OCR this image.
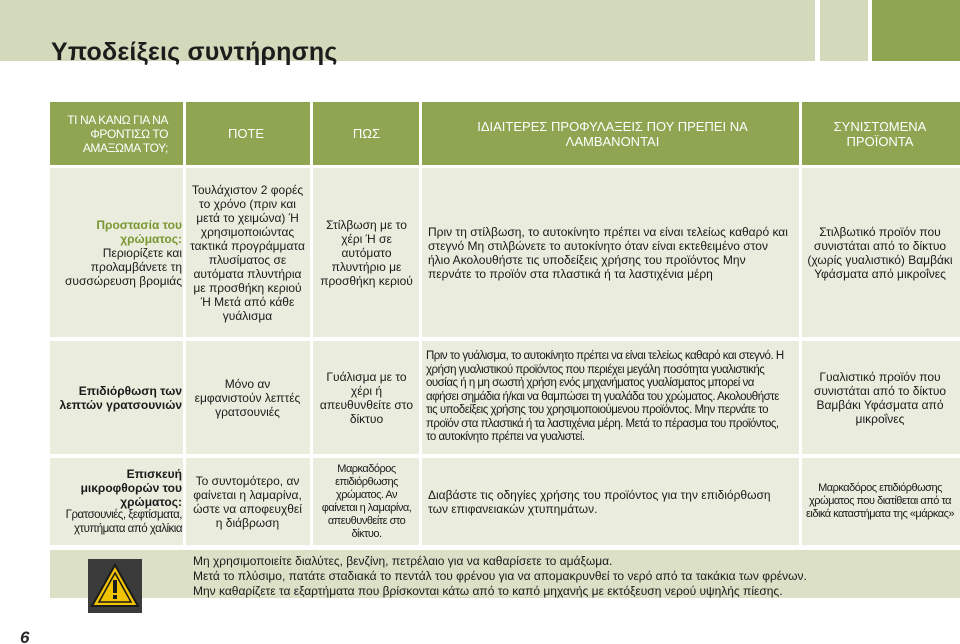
Υποδείξεις συντήρησης
ΤΙ ΝΑ ΚΑΝΩ ΓΙΑ ΝΑ ΦΡΟΝΤΙΣΩ ΤΟ ΑΜΑΞΩΜΑ ΤΟΥ;
ΠΟΤΕ	ΠΩΣ	ΙΔΙΑΙΤΕΡΕΣ ΠΡΟΦΥΛΑΞΕΙΣ ΠΟΥ ΠΡΕΠΕΙ ΝΑ ΛΑΜΒΑΝΟΝΤΑΙ
ΣΥΝΙΣΤΩΜΕΝΑ ΠΡΟΪΟΝΤΑ
Προστασία του χρώματος:
Περιορίζετε και προλαμβάνετε τη συσσώρευση βρομιάς
Τουλάχιστον 2 φορές το χρόνο (πριν και μετά το χειμώνα) Ή χρησιμοποιώντας τακτικά προγράμματα πλυσίματος σε αυτόματα πλυντήρια με προσθήκη κεριού Ή Μετά από κάθε γυάλισμα
Στίλβωση με το χέρι Ή σε αυτόματο πλυντήριο με προσθήκη κεριού
Πριν τη στίλβωση, το αυτοκίνητο πρέπει να είναι τελείως καθαρό και στεγνό Μη στιλβώνετε το αυτοκίνητο όταν είναι εκτεθειμένο στον ήλιο Ακολουθήστε τις υποδείξεις χρήσης του προϊόντος Μην περνάτε το προϊόν στα πλαστικά ή τα λαστιχένια μέρη
Στιλβωτικό προϊόν που συνιστάται από το δίκτυο (χωρίς γυαλιστικό) Βαμβάκι Υφάσματα από μικροΐνες
Επιδιόρθωση των λεπτών γρατσουνιών
Μόνο αν εμφανιστούν λεπτές γρατσουνιές
Γυάλισμα με το χέρι ή απευθυνθείτε στο δίκτυο
Πριν το γυάλισμα, το αυτοκίνητο πρέπει να είναι τελείως καθαρό και στεγνό. Η χρήση γυαλιστικού προϊόντος που περιέχει μεγάλη ποσότητα γυαλιστικής ουσίας ή η μη σωστή χρήση ενός μηχανήματος γυαλίσματος μπορεί να αφήσει σημάδια ή/και να θαμπώσει τη γυαλάδα του χρώματος. Ακολουθήστε τις υποδείξεις χρήσης του χρησιμοποιούμενου προϊόντος. Μην περνάτε το προϊόν στα πλαστικά ή τα λαστιχένια μέρη. Μετά το πέρασμα του προϊόντος, το αυτοκίνητο πρέπει να γυαλιστεί.
Γυαλιστικό προϊόν που συνιστάται από το δίκτυο Βαμβάκι Υφάσματα από μικροΐνες
Επισκευή μικροφθορών του χρώματος:
Γρατσουνιές, ξεφτίσματα, χτυπήματα από χαλίκια
Το συντομότερο, αν φαίνεται η λαμαρίνα, ώστε να αποφευχθεί η διάβρωση
Μαρκαδόρος επιδιόρθωσης χρώματος. Αν φαίνεται η λαμαρίνα, απευθυνθείτε στο δίκτυο.
Διαβάστε τις οδηγίες χρήσης του προϊόντος για την επιδιόρθωση των επιφανειακών χτυπημάτων.
Μαρκαδόρος επιδιόρθωσης χρώματος που διατίθεται από τα ειδικά καταστήματα της «μάρκας»
Μη χρησιμοποιείτε διαλύτες, βενζίνη, πετρέλαιο για να καθαρίσετε το αμάξωμα.
Μετά το πλύσιμο, πατάτε σταδιακά το πεντάλ του φρένου για να απομακρυνθεί το νερό από τα τακάκια των φρένων.
Μην καθαρίζετε τα εξαρτήματα που βρίσκονται κάτω από το καπό μηχανής με εκτόξευση νερού υψηλής πίεσης.
6
